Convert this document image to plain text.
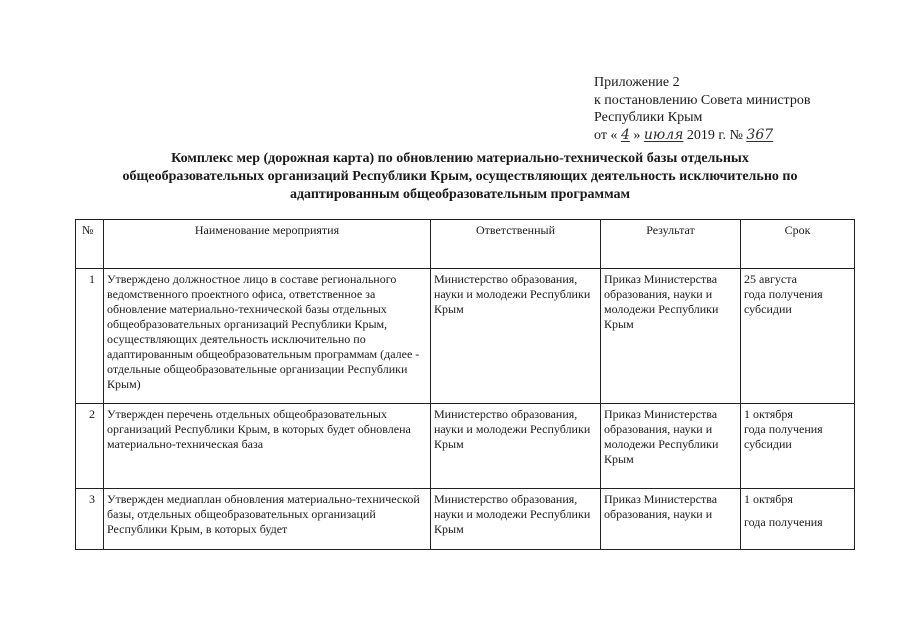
Приложение 2
к постановлению Совета министров
Республики Крым
от « 4 » июля 2019 г. № 367
Комплекс мер (дорожная карта) по обновлению материально-технической базы отдельных общеобразовательных организаций Республики Крым, осуществляющих деятельность исключительно по адаптированным общеобразовательным программам
№	Наименование мероприятия	Ответственный	Результат	Срок
1	Утверждено должностное лицо в составе регионального ведомственного проектного офиса, ответственное за обновление материально-технической базы отдельных общеобразовательных организаций Республики Крым, осуществляющих деятельность исключительно по адаптированным общеобразовательным программам (далее - отдельные общеобразовательные организации Республики Крым)	Министерство образования, науки и молодежи Республики Крым	Приказ Министерства образования, науки и молодежи Республики Крым	25 августа
года получения субсидии

2	Утвержден перечень отдельных общеобразовательных организаций Республики Крым, в которых будет обновлена материально-техническая база	Министерство образования, науки и молодежи Республики Крым	Приказ Министерства образования, науки и молодежи Республики Крым	1 октября
года получения субсидии

3	Утвержден медиаплан обновления материально-технической базы, отдельных общеобразовательных организаций Республики Крым, в которых будет	Министерство образования, науки и молодежи Республики Крым	Приказ Министерства образования, науки и	1 октября
года получения
